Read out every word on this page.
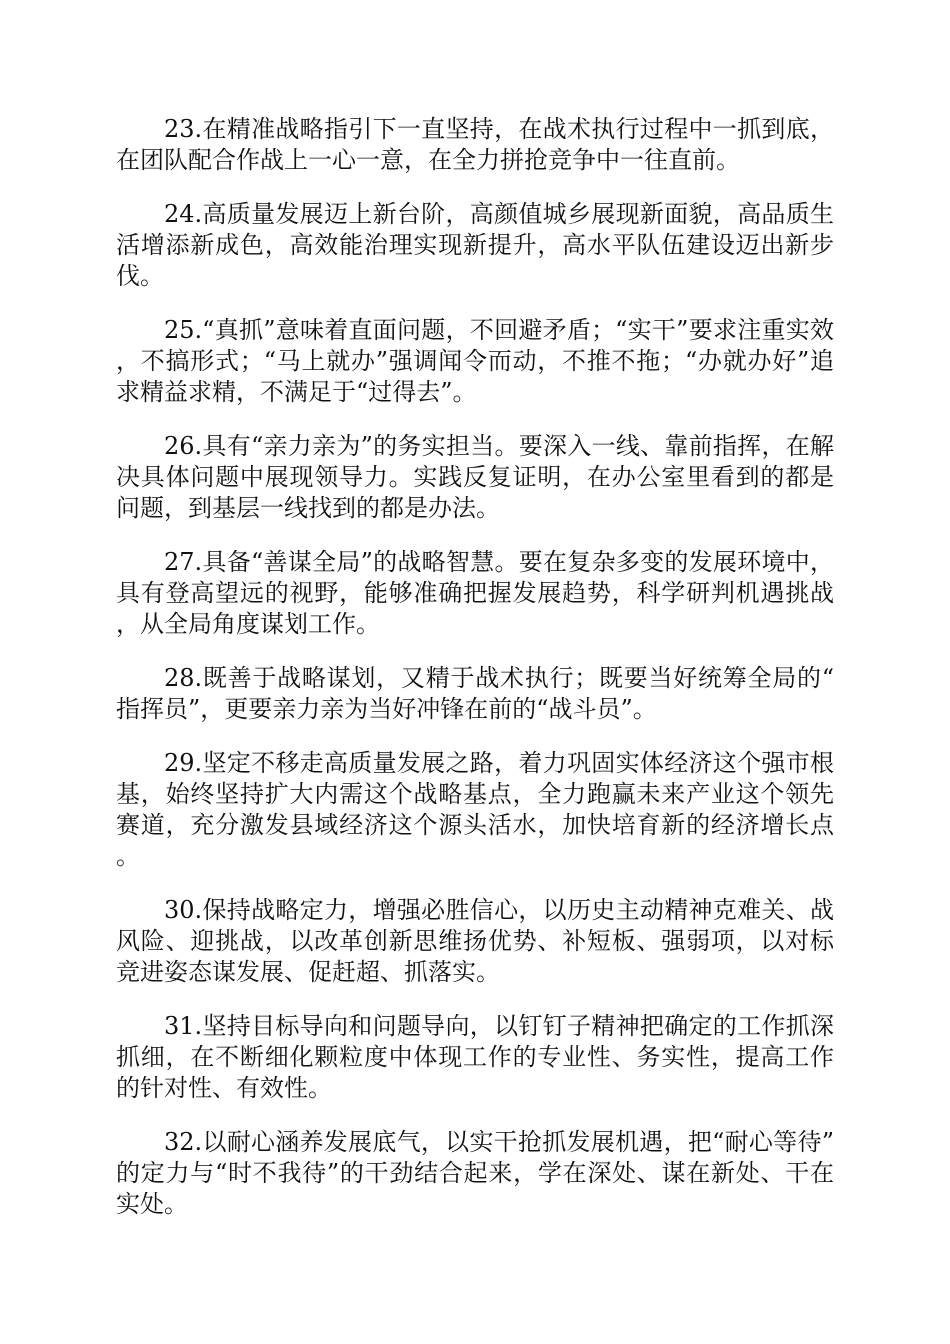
23.在精准战略指引下一直坚持，在战术执行过程中一抓到底，在团队配合作战上一心一意，在全力拼抢竞争中一往直前。

24.高质量发展迈上新台阶，高颜值城乡展现新面貌，高品质生活增添新成色，高效能治理实现新提升，高水平队伍建设迈出新步伐。

25.“真抓”意味着直面问题，不回避矛盾；“实干”要求注重实效，不搞形式；“马上就办”强调闻令而动，不推不拖；“办就办好”追求精益求精，不满足于“过得去”。

26.具有“亲力亲为”的务实担当。要深入一线、靠前指挥，在解决具体问题中展现领导力。实践反复证明，在办公室里看到的都是问题，到基层一线找到的都是办法。

27.具备“善谋全局”的战略智慧。要在复杂多变的发展环境中，具有登高望远的视野，能够准确把握发展趋势，科学研判机遇挑战，从全局角度谋划工作。

28.既善于战略谋划，又精于战术执行；既要当好统筹全局的“指挥员”，更要亲力亲为当好冲锋在前的“战斗员”。

29.坚定不移走高质量发展之路，着力巩固实体经济这个强市根基，始终坚持扩大内需这个战略基点，全力跑赢未来产业这个领先赛道，充分激发县域经济这个源头活水，加快培育新的经济增长点。

30.保持战略定力，增强必胜信心，以历史主动精神克难关、战风险、迎挑战，以改革创新思维扬优势、补短板、强弱项，以对标竞进姿态谋发展、促赶超、抓落实。

31.坚持目标导向和问题导向，以钉钉子精神把确定的工作抓深抓细，在不断细化颗粒度中体现工作的专业性、务实性，提高工作的针对性、有效性。

32.以耐心涵养发展底气，以实干抢抓发展机遇，把“耐心等待”的定力与“时不我待”的干劲结合起来，学在深处、谋在新处、干在实处。
